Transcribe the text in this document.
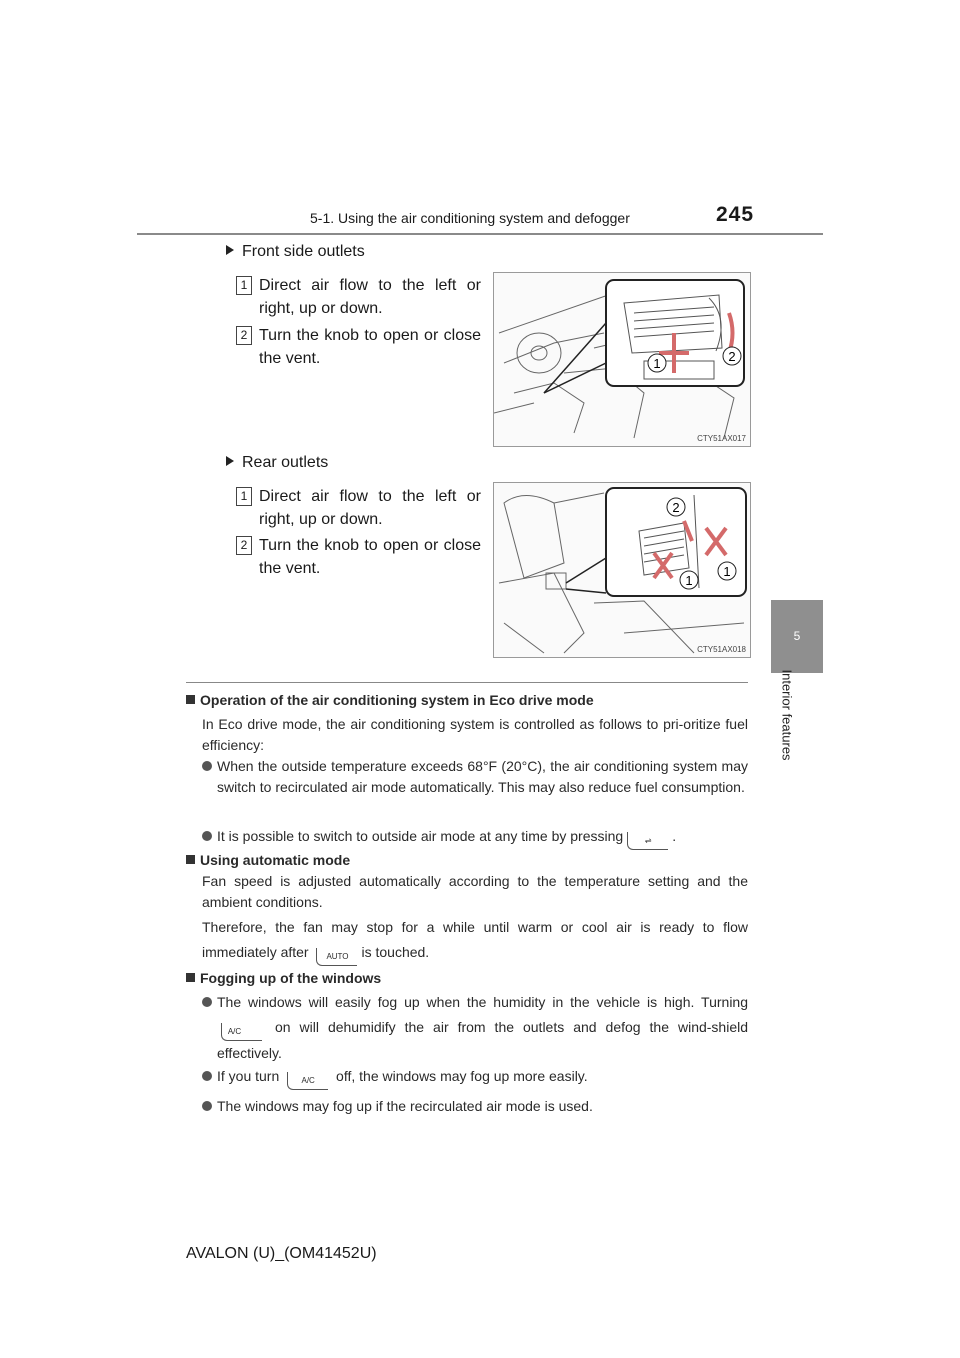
5-1. Using the air conditioning system and defogger	245
5
Interior features
Front side outlets
1 Direct air flow to the left or right, up or down.
2 Turn the knob to open or close the vent.	1	2
CTY51AX017
Rear outlets
1 Direct air flow to the left or right, up or down.
2 Turn the knob to open or close the vent.
2
1
1
CTY51AX018
Operation of the air conditioning system in Eco drive mode
In Eco drive mode, the air conditioning system is controlled as follows to pri-oritize fuel efficiency:
When the outside temperature exceeds 68°F (20°C), the air conditioning system may switch to recirculated air mode automatically. This may also reduce fuel consumption.
It is possible to switch to outside air mode at any time by pressing	⇌ .
Using automatic mode
Fan speed is adjusted automatically according to the temperature setting and the ambient conditions.
Therefore, the fan may stop for a while until warm or cool air is ready to flow immediately after AUTO is touched.
Fogging up of the windows
The windows will easily fog up when the humidity in the vehicle is high. Turning A/C on will dehumidify the air from the outlets and defog the wind-shield effectively.
If you turn	A/C off, the windows may fog up more easily.
The windows may fog up if the recirculated air mode is used.
AVALON (U)_(OM41452U)
